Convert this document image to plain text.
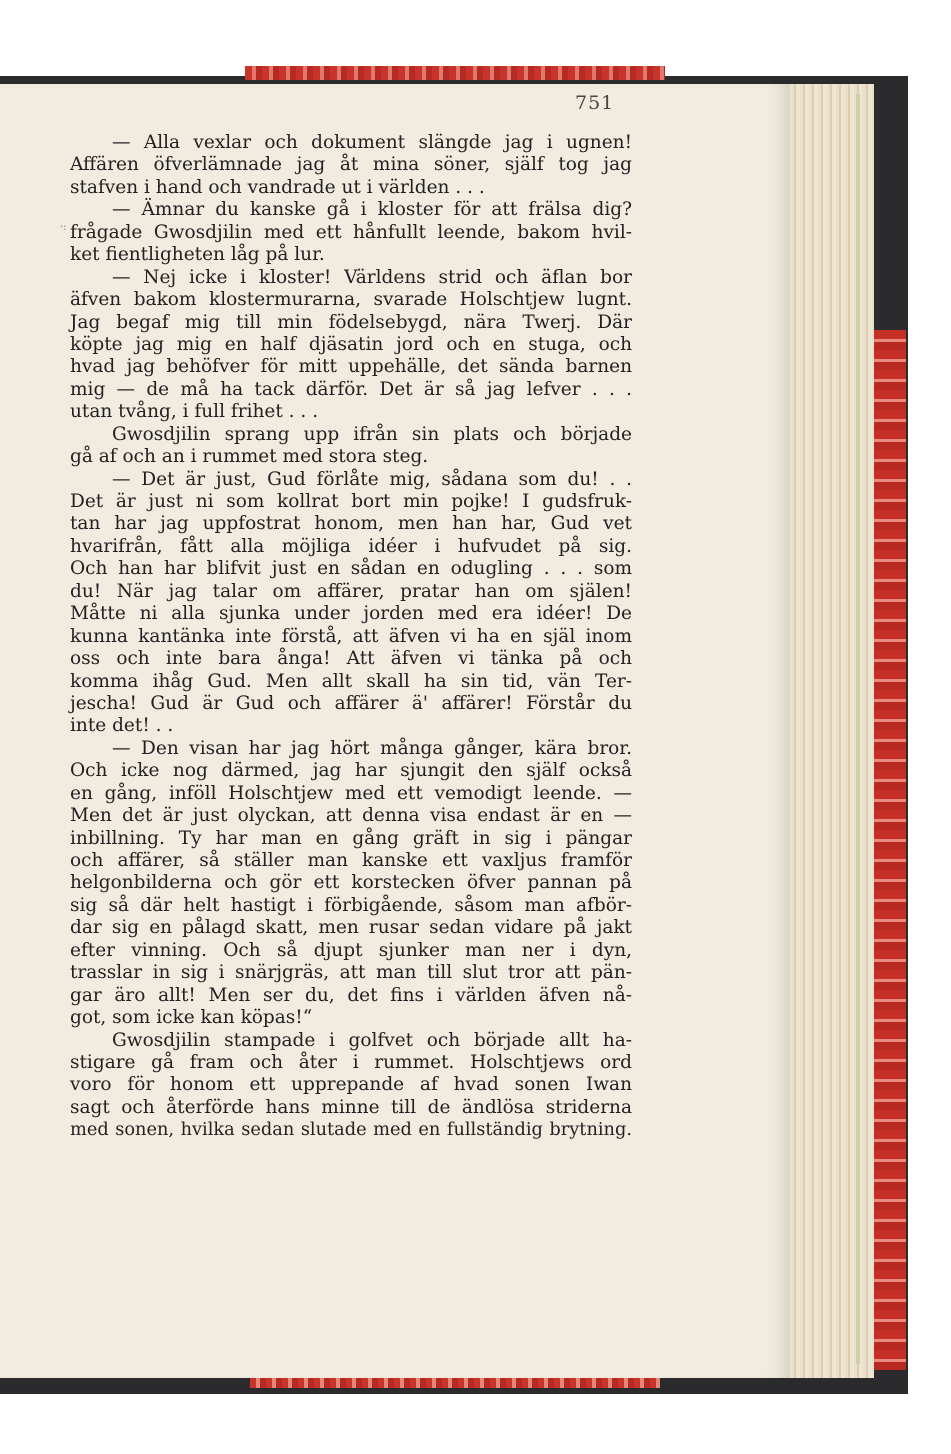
751
·:
— Alla vexlar och dokument slängde jag i ugnen!
Affären öfverlämnade jag åt mina söner, själf tog jag
stafven i hand och vandrade ut i världen . . .
— Ämnar du kanske gå i kloster för att frälsa dig?
frågade Gwosdjilin med ett hånfullt leende, bakom hvil-
ket fientligheten låg på lur.
— Nej icke i kloster! Världens strid och äflan bor
äfven bakom klostermurarna, svarade Holschtjew lugnt.
Jag begaf mig till min födelsebygd, nära Twerj. Där
köpte jag mig en half djäsatin jord och en stuga, och
hvad jag behöfver för mitt uppehälle, det sända barnen
mig — de må ha tack därför. Det är så jag lefver . . .
utan tvång, i full frihet . . .
Gwosdjilin sprang upp ifrån sin plats och började
gå af och an i rummet med stora steg.
— Det är just, Gud förlåte mig, sådana som du! . .
Det är just ni som kollrat bort min pojke! I gudsfruk-
tan har jag uppfostrat honom, men han har, Gud vet
hvarifrån, fått alla möjliga idéer i hufvudet på sig.
Och han har blifvit just en sådan en odugling . . . som
du! När jag talar om affärer, pratar han om själen!
Måtte ni alla sjunka under jorden med era idéer! De
kunna kantänka inte förstå, att äfven vi ha en själ inom
oss och inte bara ånga! Att äfven vi tänka på och
komma ihåg Gud. Men allt skall ha sin tid, vän Ter-
jescha! Gud är Gud och affärer ä' affärer! Förstår du
inte det! . .
— Den visan har jag hört många gånger, kära bror.
Och icke nog därmed, jag har sjungit den själf också
en gång, inföll Holschtjew med ett vemodigt leende. —
Men det är just olyckan, att denna visa endast är en —
inbillning. Ty har man en gång gräft in sig i pängar
och affärer, så ställer man kanske ett vaxljus framför
helgonbilderna och gör ett korstecken öfver pannan på
sig så där helt hastigt i förbigående, såsom man afbör-
dar sig en pålagd skatt, men rusar sedan vidare på jakt
efter vinning. Och så djupt sjunker man ner i dyn,
trasslar in sig i snärjgräs, att man till slut tror att pän-
gar äro allt! Men ser du, det fins i världen äfven nå-
got, som icke kan köpas!“
Gwosdjilin stampade i golfvet och började allt ha-
stigare gå fram och åter i rummet. Holschtjews ord
voro för honom ett upprepande af hvad sonen Iwan
sagt och återförde hans minne till de ändlösa striderna
med sonen, hvilka sedan slutade med en fullständig brytning.
